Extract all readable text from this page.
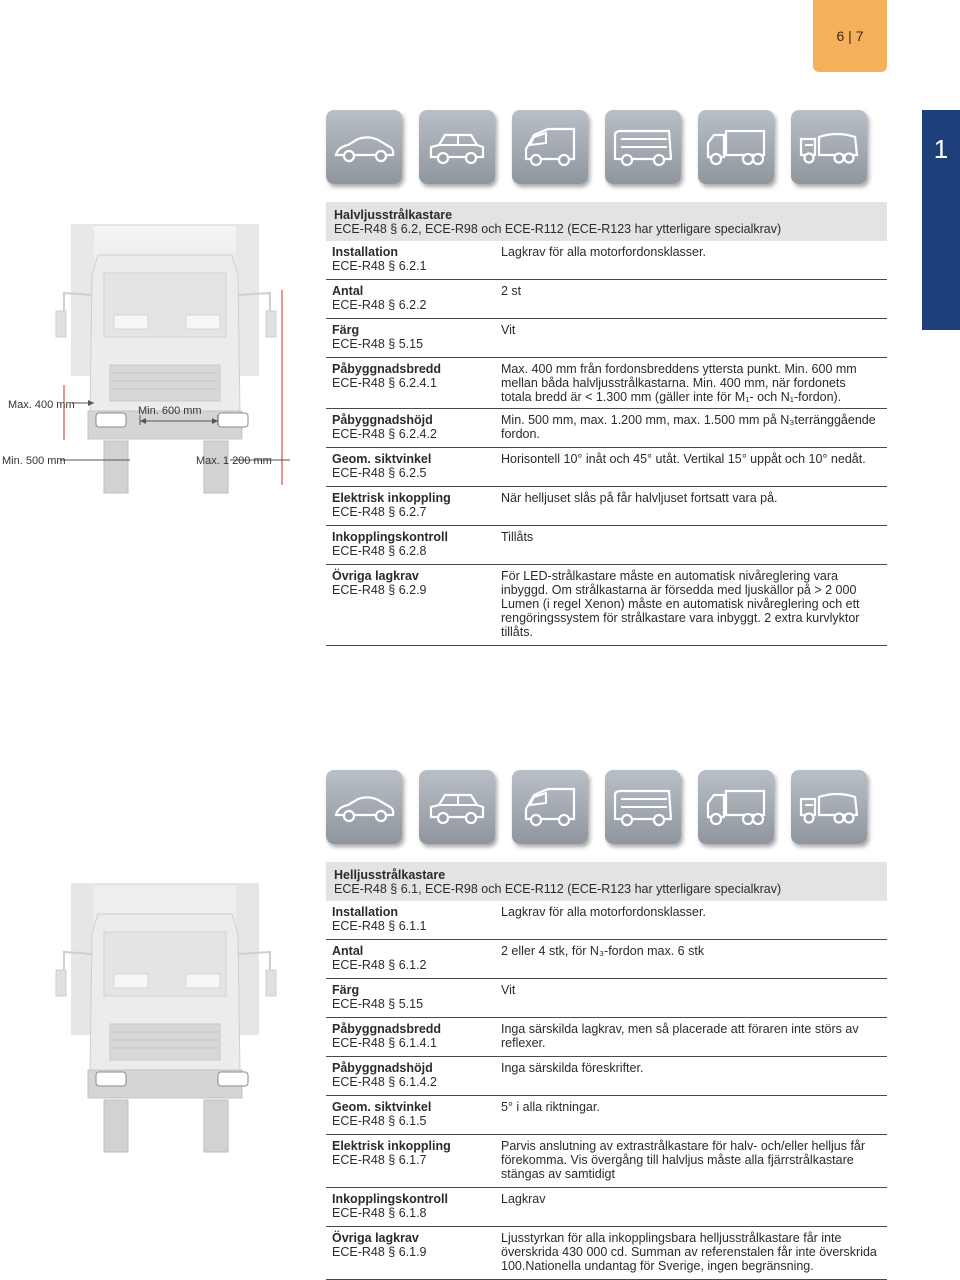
6 | 7
1
Max. 400 mm	Min. 600 mm
Min. 500 mm	Max. 1 200 mm
Halvljusstrålkastare
ECE-R48 § 6.2, ECE-R98 och ECE-R112 (ECE-R123 har ytterligare specialkrav)
Installation
ECE-R48 § 6.2.1
Lagkrav för alla motorfordonsklasser.
Antal
ECE-R48 § 6.2.2
2 st
Färg
ECE-R48 § 5.15
Vit
Påbyggnadsbredd
ECE-R48 § 6.2.4.1
Max. 400 mm från fordonsbreddens yttersta punkt. Min. 600 mm mellan båda halvljusstrålkastarna. Min. 400 mm, när fordonets totala bredd är < 1.300 mm (gäller inte för M₁- och N₁-fordon).
Påbyggnadshöjd
ECE-R48 § 6.2.4.2
Min. 500 mm, max. 1.200 mm, max. 1.500 mm på N₃terränggående fordon.
Geom. siktvinkel
ECE-R48 § 6.2.5
Horisontell 10° inåt och 45° utåt. Vertikal 15° uppåt och 10° nedåt.
Elektrisk inkoppling
ECE-R48 § 6.2.7
När helljuset slås på får halvljuset fortsatt vara på.
Inkopplingskontroll
ECE-R48 § 6.2.8
Tillåts
Övriga lagkrav
ECE-R48 § 6.2.9
För LED-strålkastare måste en automatisk nivåreglering vara inbyggd. Om strålkastarna är försedda med ljuskällor på > 2 000 Lumen (i regel Xenon) måste en automatisk nivåreglering och ett rengöringssystem för strålkastare vara inbyggt. 2 extra kurvlyktor tillåts.
Helljusstrålkastare
ECE-R48 § 6.1, ECE-R98 och ECE-R112 (ECE-R123 har ytterligare specialkrav)
Installation
ECE-R48 § 6.1.1
Lagkrav för alla motorfordonsklasser.
Antal
ECE-R48 § 6.1.2
2 eller 4 stk, för N₃-fordon max. 6 stk
Färg
ECE-R48 § 5.15
Vit
Påbyggnadsbredd
ECE-R48 § 6.1.4.1
Inga särskilda lagkrav, men så placerade att föraren inte störs av reflexer.
Påbyggnadshöjd
ECE-R48 § 6.1.4.2
Inga särskilda föreskrifter.
Geom. siktvinkel
ECE-R48 § 6.1.5
5° i alla riktningar.
Elektrisk inkoppling
ECE-R48 § 6.1.7
Parvis anslutning av extrastrålkastare för halv- och/eller helljus får förekomma. Vis övergång till halvljus måste alla fjärrstrålkastare stängas av samtidigt
Inkopplingskontroll
ECE-R48 § 6.1.8
Lagkrav
Övriga lagkrav
ECE-R48 § 6.1.9
Ljusstyrkan för alla inkopplingsbara helljusstrålkastare får inte överskrida 430 000 cd. Summan av referenstalen får inte överskrida 100.Nationella undantag för Sverige, ingen begränsning.
